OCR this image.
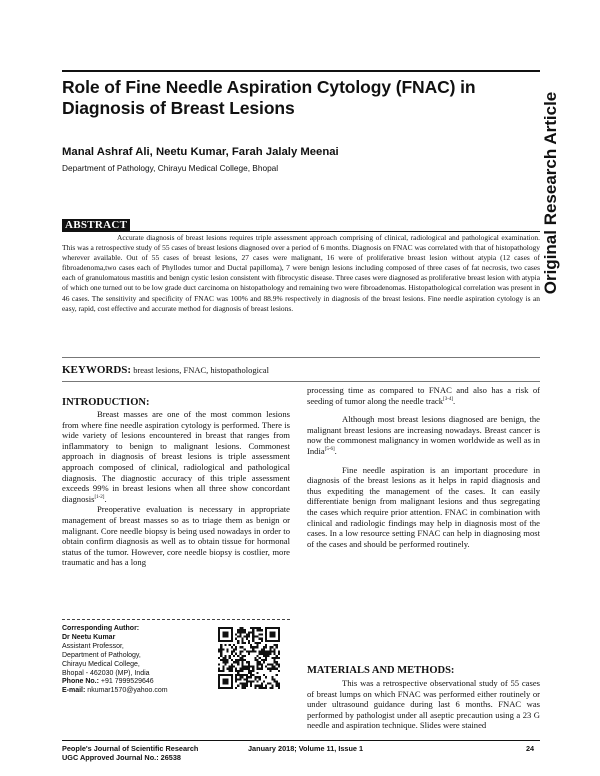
Role of Fine Needle Aspiration Cytology (FNAC) in Diagnosis of Breast Lesions	Original Research Article
Manal Ashraf Ali, Neetu Kumar, Farah Jalaly Meenai
Department of Pathology, Chirayu Medical College, Bhopal
ABSTRACT

Accurate diagnosis of breast lesions requires triple assessment approach comprising of clinical, radiological and pathological examination. This was a retrospective study of 55 cases of breast lesions diagnosed over a period of 6 months. Diagnosis on FNAC was correlated with that of histopathology wherever available. Out of 55 cases of breast lesions, 27 cases were malignant, 16 were of proliferative breast lesion without atypia (12 cases of fibroadenoma,two cases each of Phyllodes tumor and Ductal papilloma), 7 were benign lesions including composed of three cases of fat necrosis, two cases each of granulomatous mastitis and benign cystic lesion consistent with fibrocystic disease. Three cases were diagnosed as proliferative breast lesion with atypia of which one turned out to be low grade duct carcinoma on histopathology and remaining two were fibroadenomas. Histopathological correlation was present in 46 cases. The sensitivity and specificity of FNAC was 100% and 88.9% respectively in diagnosis of the breast lesions. Fine needle aspiration cytology is an easy, rapid, cost effective and accurate method for diagnosis of breast lesions.

KEYWORDS: breast lesions, FNAC, histopathological
INTRODUCTION:

Breast masses are one of the most common lesions from where fine needle aspiration cytology is performed. There is wide variety of lesions encountered in breast that ranges from inflammatory to benign to malignant lesions. Commonest approach in diagnosis of breast lesions is triple assessment approach composed of clinical, radiological and pathological diagnosis. The diagnostic accuracy of this triple assessment exceeds 99% in breast lesions when all three show concordant diagnosis[1-2].

Preoperative evaluation is necessary in appropriate management of breast masses so as to triage them as benign or malignant. Core needle biopsy is being used nowadays in order to obtain confirm diagnosis as well as to obtain tissue for hormonal status of the tumor. However, core needle biopsy is costlier, more traumatic and has a long

processing time as compared to FNAC and also has a risk of seeding of tumor along the needle track[3-4].

Although most breast lesions diagnosed are benign, the malignant breast lesions are increasing nowadays. Breast cancer is now the commonest malignancy in women worldwide as well as in India[5-6].

Fine needle aspiration is an important procedure in diagnosis of the breast lesions as it helps in rapid diagnosis and thus expediting the management of the cases. It can easily differentiate benign from malignant lesions and thus segregating the cases which require prior attention. FNAC in combination with clinical and radiologic findings may help in diagnosis most of the cases. In a low resource setting FNAC can help in diagnosing most of the cases and should be performed routinely.

MATERIALS AND METHODS:

This was a retrospective observational study of 55 cases of breast lumps on which FNAC was performed either routinely or under ultrasound guidance during last 6 months. FNAC was performed by pathologist under all aseptic precaution using a 23 G needle and aspiration technique. Slides were stained

Corresponding Author:
Dr Neetu Kumar
Assistant Professor,
Department of Pathology,
Chirayu Medical College,
Bhopal - 462030 (MP), India
Phone No.: +91 7999529646
E-mail: nkumar1570@yahoo.com
People's Journal of Scientific Research
UGC Approved Journal No.: 26538
January 2018; Volume 11, Issue 1	24
